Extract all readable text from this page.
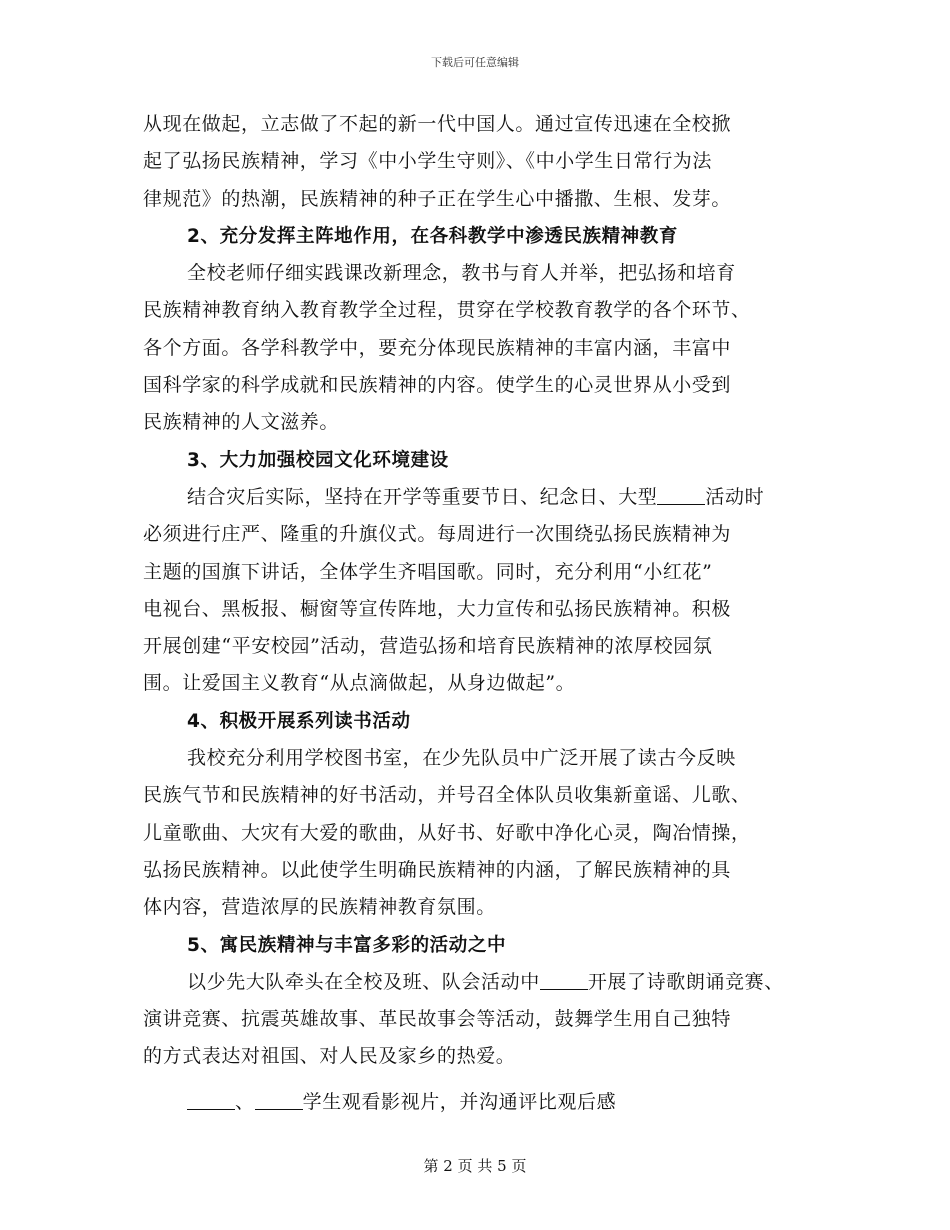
下载后可任意编辑
从现在做起，立志做了不起的新一代中国人。通过宣传迅速在全校掀
起了弘扬民族精神，学习《中小学生守则》、《中小学生日常行为法
律规范》的热潮，民族精神的种子正在学生心中播撒、生根、发芽。
2、充分发挥主阵地作用，在各科教学中渗透民族精神教育
全校老师仔细实践课改新理念，教书与育人并举，把弘扬和培育
民族精神教育纳入教育教学全过程，贯穿在学校教育教学的各个环节、
各个方面。各学科教学中，要充分体现民族精神的丰富内涵，丰富中
国科学家的科学成就和民族精神的内容。使学生的心灵世界从小受到
民族精神的人文滋养。
3、大力加强校园文化环境建设
结合灾后实际，坚持在开学等重要节日、纪念日、大型	活动时
必须进行庄严、隆重的升旗仪式。每周进行一次围绕弘扬民族精神为
主题的国旗下讲话，全体学生齐唱国歌。同时，充分利用“小红花”
电视台、黑板报、橱窗等宣传阵地，大力宣传和弘扬民族精神。积极
开展创建“平安校园”活动，营造弘扬和培育民族精神的浓厚校园氛
围。让爱国主义教育“从点滴做起，从身边做起”。
4、积极开展系列读书活动
我校充分利用学校图书室，在少先队员中广泛开展了读古今反映
民族气节和民族精神的好书活动，并号召全体队员收集新童谣、儿歌、
儿童歌曲、大灾有大爱的歌曲，从好书、好歌中净化心灵，陶冶情操，
弘扬民族精神。以此使学生明确民族精神的内涵，了解民族精神的具
体内容，营造浓厚的民族精神教育氛围。
5、寓民族精神与丰富多彩的活动之中
以少先大队牵头在全校及班、队会活动中	开展了诗歌朗诵竞赛、
演讲竞赛、抗震英雄故事、革民故事会等活动，鼓舞学生用自己独特
的方式表达对祖国、对人民及家乡的热爱。
、	学生观看影视片，并沟通评比观后感
第 2 页 共 5 页
